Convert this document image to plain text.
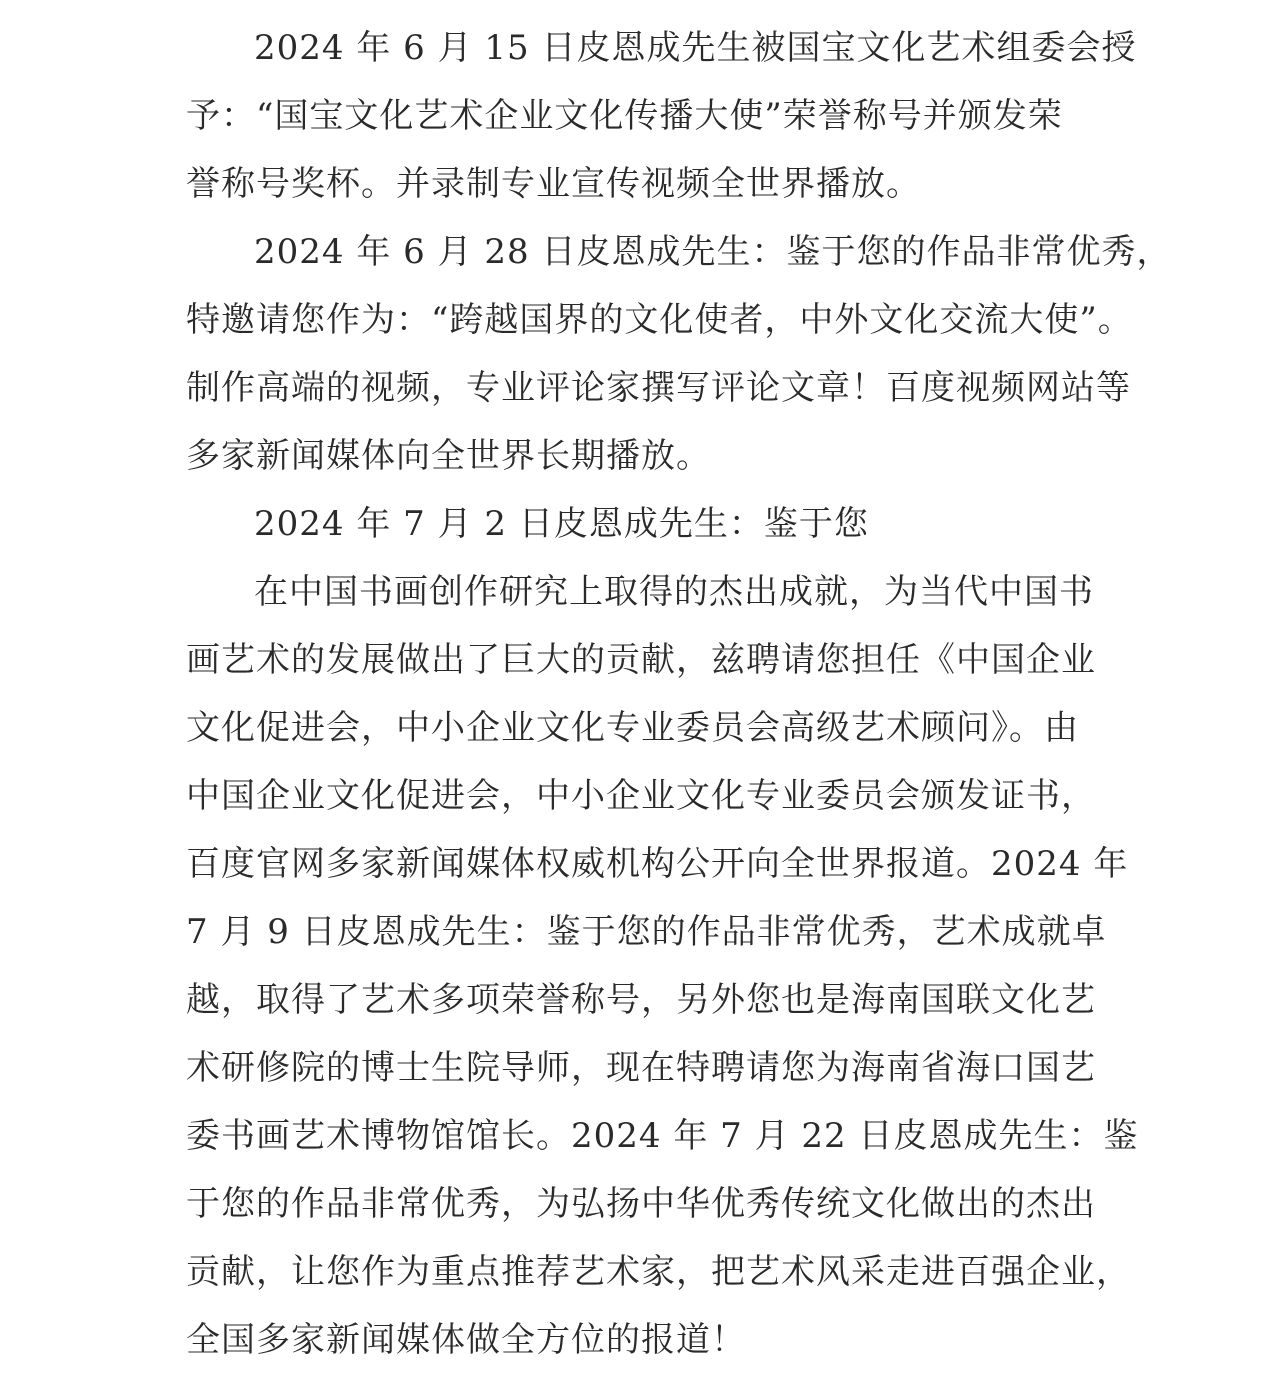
2024 年 6 月 15 日皮恩成先生被国宝文化艺术组委会授
予：“国宝文化艺术企业文化传播大使”荣誉称号并颁发荣
誉称号奖杯。并录制专业宣传视频全世界播放。
2024 年 6 月 28 日皮恩成先生：鉴于您的作品非常优秀，
特邀请您作为：“跨越国界的文化使者，中外文化交流大使”。
制作高端的视频，专业评论家撰写评论文章！百度视频网站等
多家新闻媒体向全世界长期播放。
2024 年 7 月 2 日皮恩成先生：鉴于您
在中国书画创作研究上取得的杰出成就，为当代中国书
画艺术的发展做出了巨大的贡献，兹聘请您担任《中国企业
文化促进会，中小企业文化专业委员会高级艺术顾问》。由
中国企业文化促进会，中小企业文化专业委员会颁发证书，
百度官网多家新闻媒体权威机构公开向全世界报道。2024 年
7 月 9 日皮恩成先生：鉴于您的作品非常优秀，艺术成就卓
越，取得了艺术多项荣誉称号，另外您也是海南国联文化艺
术研修院的博士生院导师，现在特聘请您为海南省海口国艺
委书画艺术博物馆馆长。2024 年 7 月 22 日皮恩成先生：鉴
于您的作品非常优秀，为弘扬中华优秀传统文化做出的杰出
贡献，让您作为重点推荐艺术家，把艺术风采走进百强企业，
全国多家新闻媒体做全方位的报道！
